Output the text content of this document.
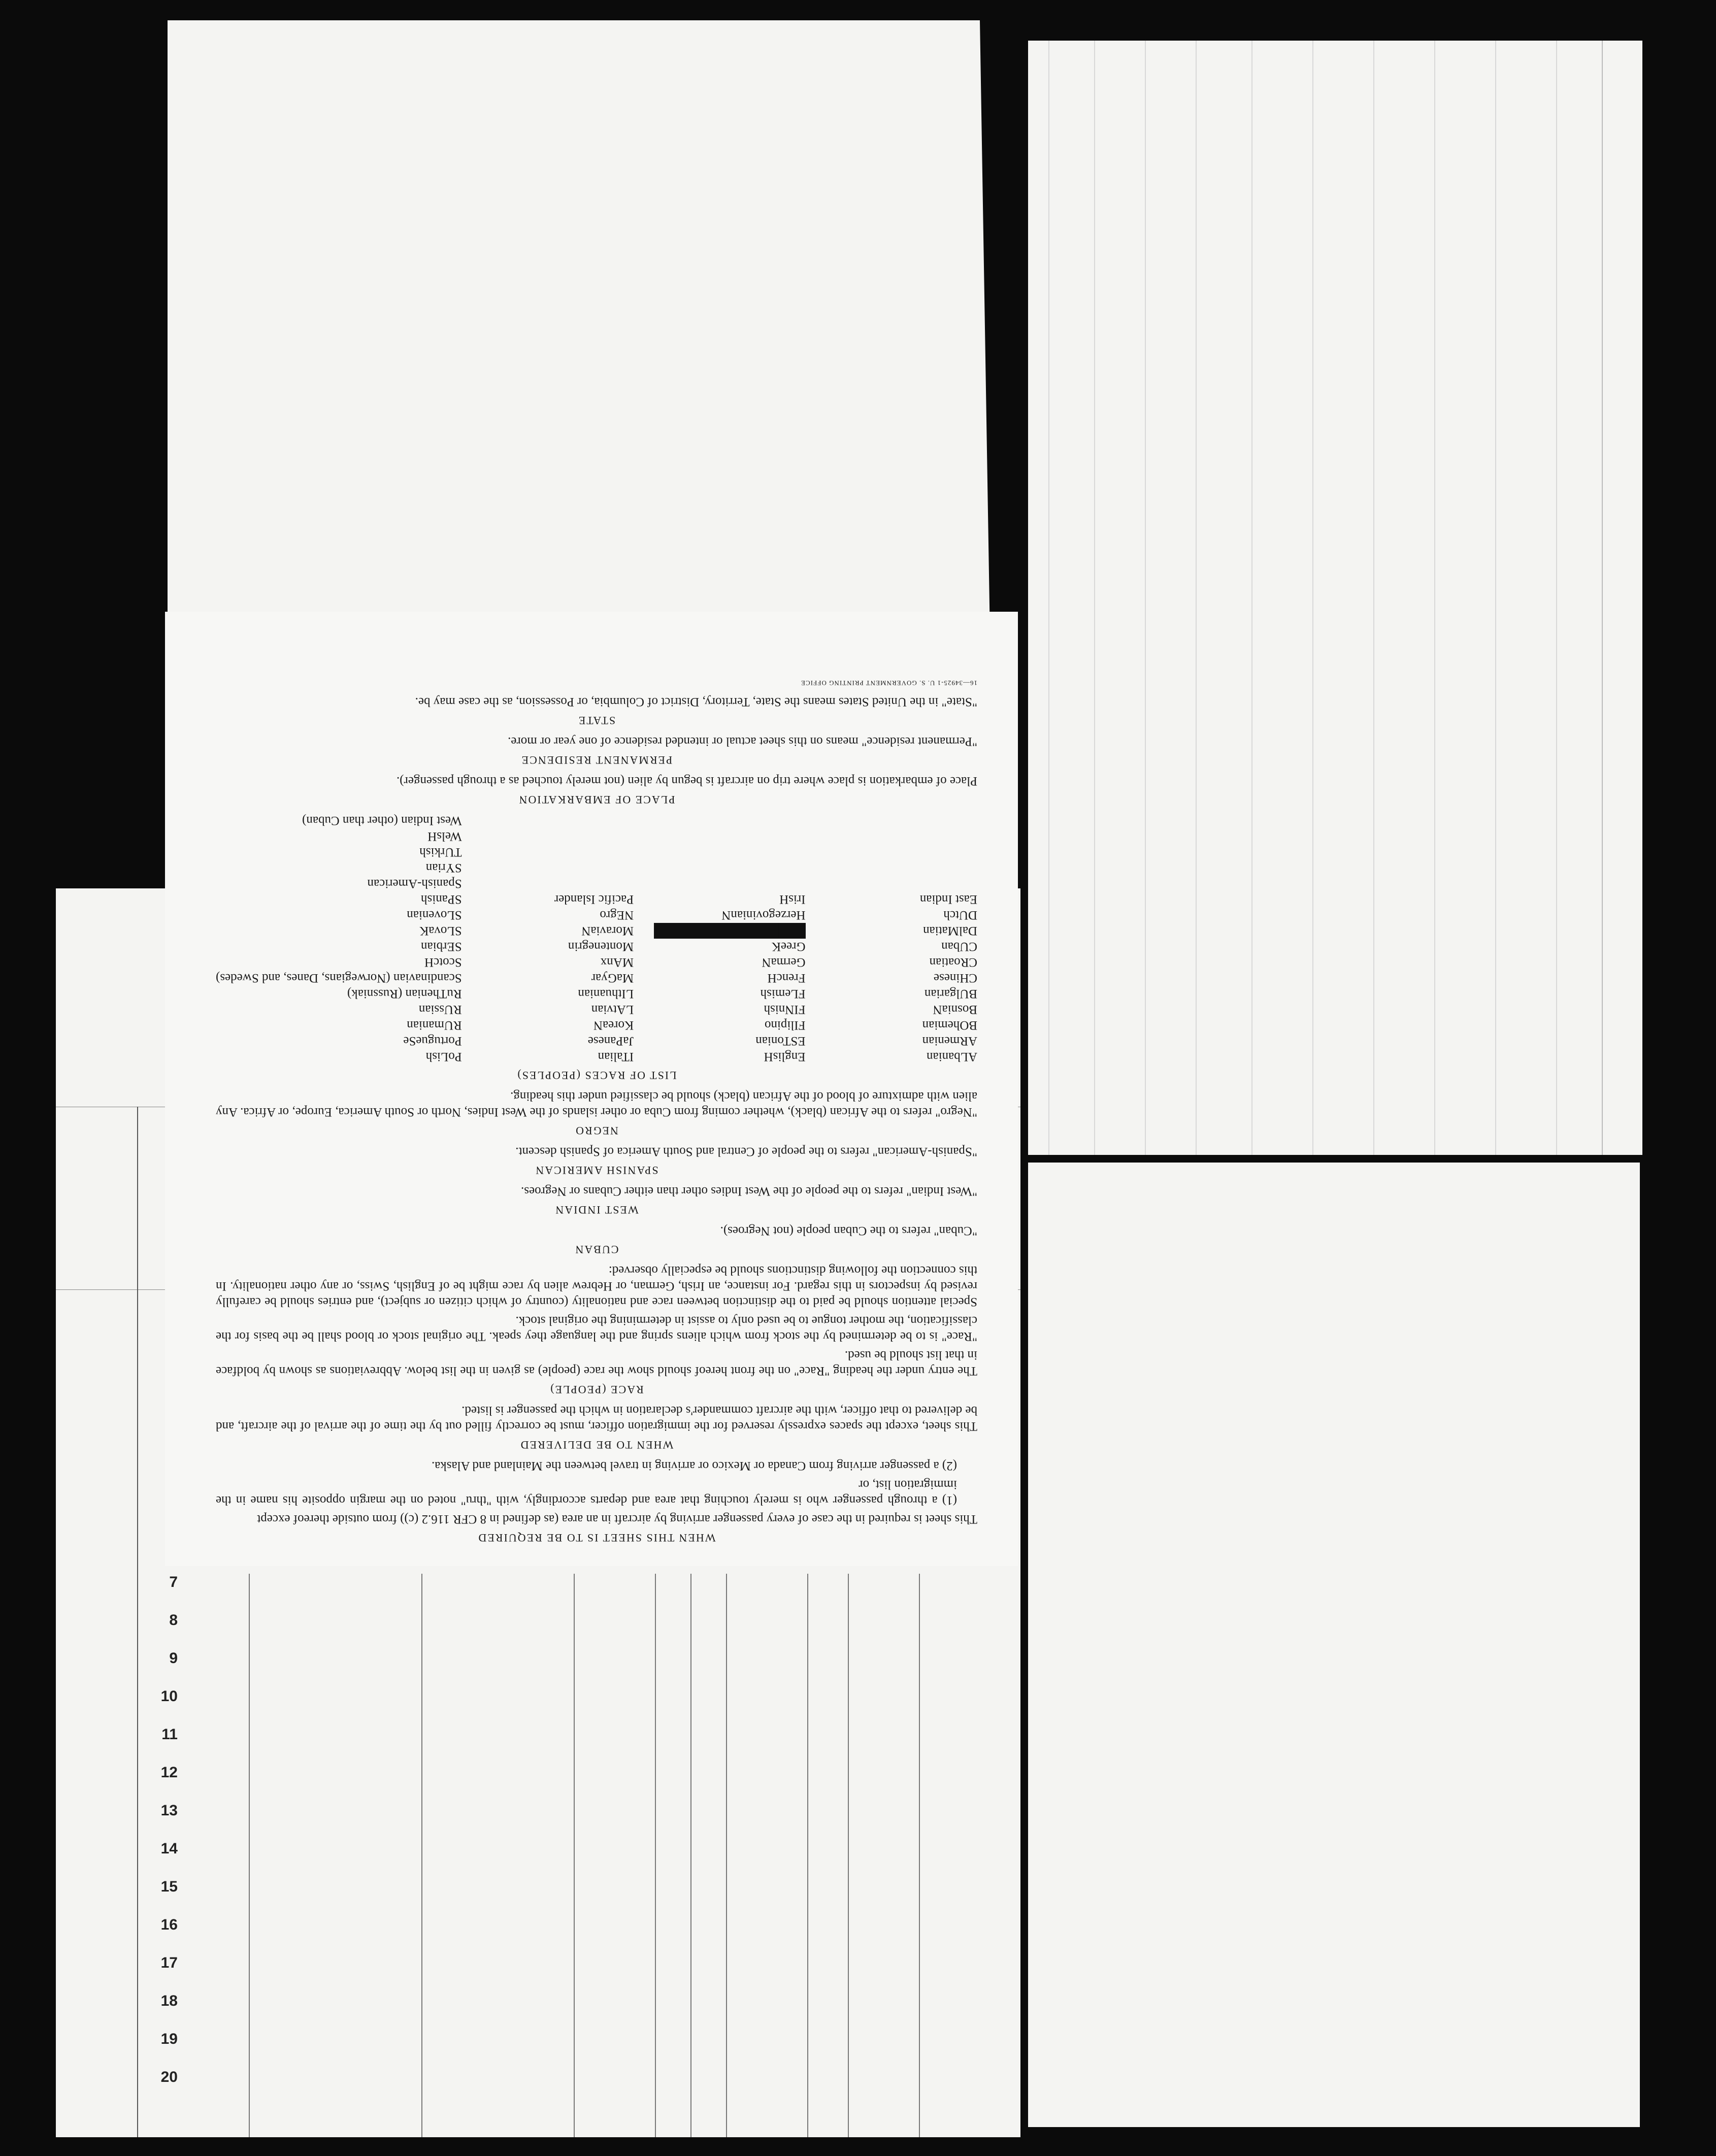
7
8
9
10
11
12
13
14
15
16
17
18
19
20
WHEN THIS SHEET IS TO BE REQUIRED

This sheet is required in the case of every passenger arriving by aircraft in an area (as defined in 8 CFR 116.2 (c)) from outside thereof except

(1) a through passenger who is merely touching that area and departs accordingly, with "thru" noted on the margin opposite his name in the immigration list, or

(2) a passenger arriving from Canada or Mexico or arriving in travel between the Mainland and Alaska.

WHEN TO BE DELIVERED

This sheet, except the spaces expressly reserved for the immigration officer, must be correctly filled out by the time of the arrival of the aircraft, and be delivered to that officer, with the aircraft commander's declaration in which the passenger is listed.

RACE (PEOPLE)

The entry under the heading "Race" on the front hereof should show the race (people) as given in the list below. Abbreviations as shown by boldface in that list should be used.

"Race" is to be determined by the stock from which aliens spring and the language they speak. The original stock or blood shall be the basis for the classification, the mother tongue to be used only to assist in determining the original stock.

Special attention should be paid to the distinction between race and nationality (country of which citizen or subject), and entries should be carefully revised by inspectors in this regard. For instance, an Irish, German, or Hebrew alien by race might be of English, Swiss, or any other nationality. In this connection the following distinctions should be especially observed:

CUBAN

"Cuban" refers to the Cuban people (not Negroes).

WEST INDIAN

"West Indian" refers to the people of the West Indies other than either Cubans or Negroes.

SPANISH AMERICAN

"Spanish-American" refers to the people of Central and South America of Spanish descent.

NEGRO

"Negro" refers to the African (black), whether coming from Cuba or other islands of the West Indies, North or South America, Europe, or Africa. Any alien with admixture of blood of the African (black) should be classified under this heading.

LIST OF RACES (PEOPLES)
ALbanian
EnglisH
ITalian
PoLish
ARmenian
ESTonian
JaPanese
PortugueSe
BOhemian
FIlipino
KoreaN
RUmanian
BosniaN
FINnish
LAtvian
RUssian
BUlgarian
FLemish
LIthuanian
RuThenian (Russniak)
CHinese
FrencH
MaGyar
Scandinavian (Norwegians, Danes, and Swedes)
CRoatian
GermaN
MAnx
ScotcH
CUban
GreeK
Montenegrin
SErbian
DalMatian
█████
MoraviaN
SLovaK
DUtch
HerzegovinianN
NEgro
SLovenian
East Indian
IrisH
Pacific Islander
SPanish
Spanish-American
SYrian
TUrkish
WelsH
West Indian (other than Cuban)
PLACE OF EMBARKATION

Place of embarkation is place where trip on aircraft is begun by alien (not merely touched as a through passenger).

PERMANENT RESIDENCE

"Permanent residence" means on this sheet actual or intended residence of one year or more.

STATE

"State" in the United States means the State, Territory, District of Columbia, or Possession, as the case may be.

16—34925-1 U. S. GOVERNMENT PRINTING OFFICE
